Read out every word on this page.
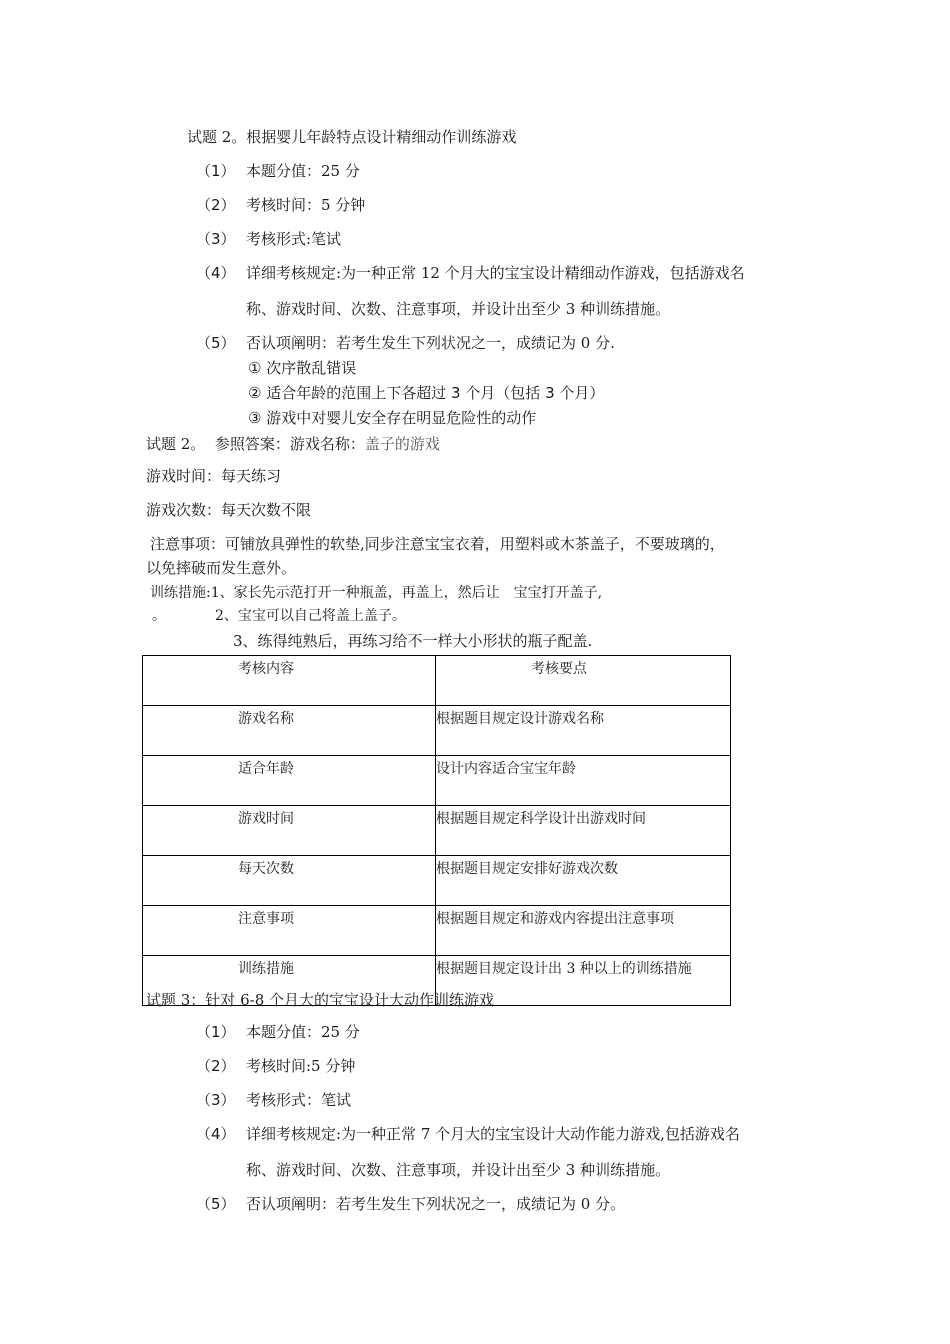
试题 2。根据婴儿年龄特点设计精细动作训练游戏
（1） 本题分值：25 分
（2） 考核时间：5 分钟
（3） 考核形式:笔试
（4） 详细考核规定:为一种正常 12 个月大的宝宝设计精细动作游戏，包括游戏名
称、游戏时间、次数、注意事项，并设计出至少 3 种训练措施。
（5） 否认项阐明：若考生发生下列状况之一，成绩记为 0 分.
① 次序散乱错误
② 适合年龄的范围上下各超过 3 个月（包括 3 个月）
③ 游戏中对婴儿安全存在明显危险性的动作
试题 2。 参照答案：游戏名称：盖子的游戏
游戏时间：每天练习
游戏次数：每天次数不限
注意事项：可铺放具弹性的软垫,同步注意宝宝衣着，用塑料或木茶盖子，不要玻璃的，
以免摔破而发生意外。
训练措施:1、家长先示范打开一种瓶盖，再盖上，然后让　宝宝打开盖子,
。	2、宝宝可以自己将盖上盖子。
3、练得纯熟后，再练习给不一样大小形状的瓶子配盖.
考核内容	考核要点
游戏名称	根据题目规定设计游戏名称
适合年龄	设计内容适合宝宝年龄
游戏时间	根据题目规定科学设计出游戏时间
每天次数	根据题目规定安排好游戏次数
注意事项	根据题目规定和游戏内容提出注意事项
训练措施	根据题目规定设计出 3 种以上的训练措施
试题 3：针对 6-8 个月大的宝宝设计大动作训练游戏
（1） 本题分值：25 分
（2） 考核时间:5 分钟
（3） 考核形式：笔试
（4） 详细考核规定:为一种正常 7 个月大的宝宝设计大动作能力游戏,包括游戏名
称、游戏时间、次数、注意事项，并设计出至少 3 种训练措施。
（5） 否认项阐明：若考生发生下列状况之一，成绩记为 0 分。
